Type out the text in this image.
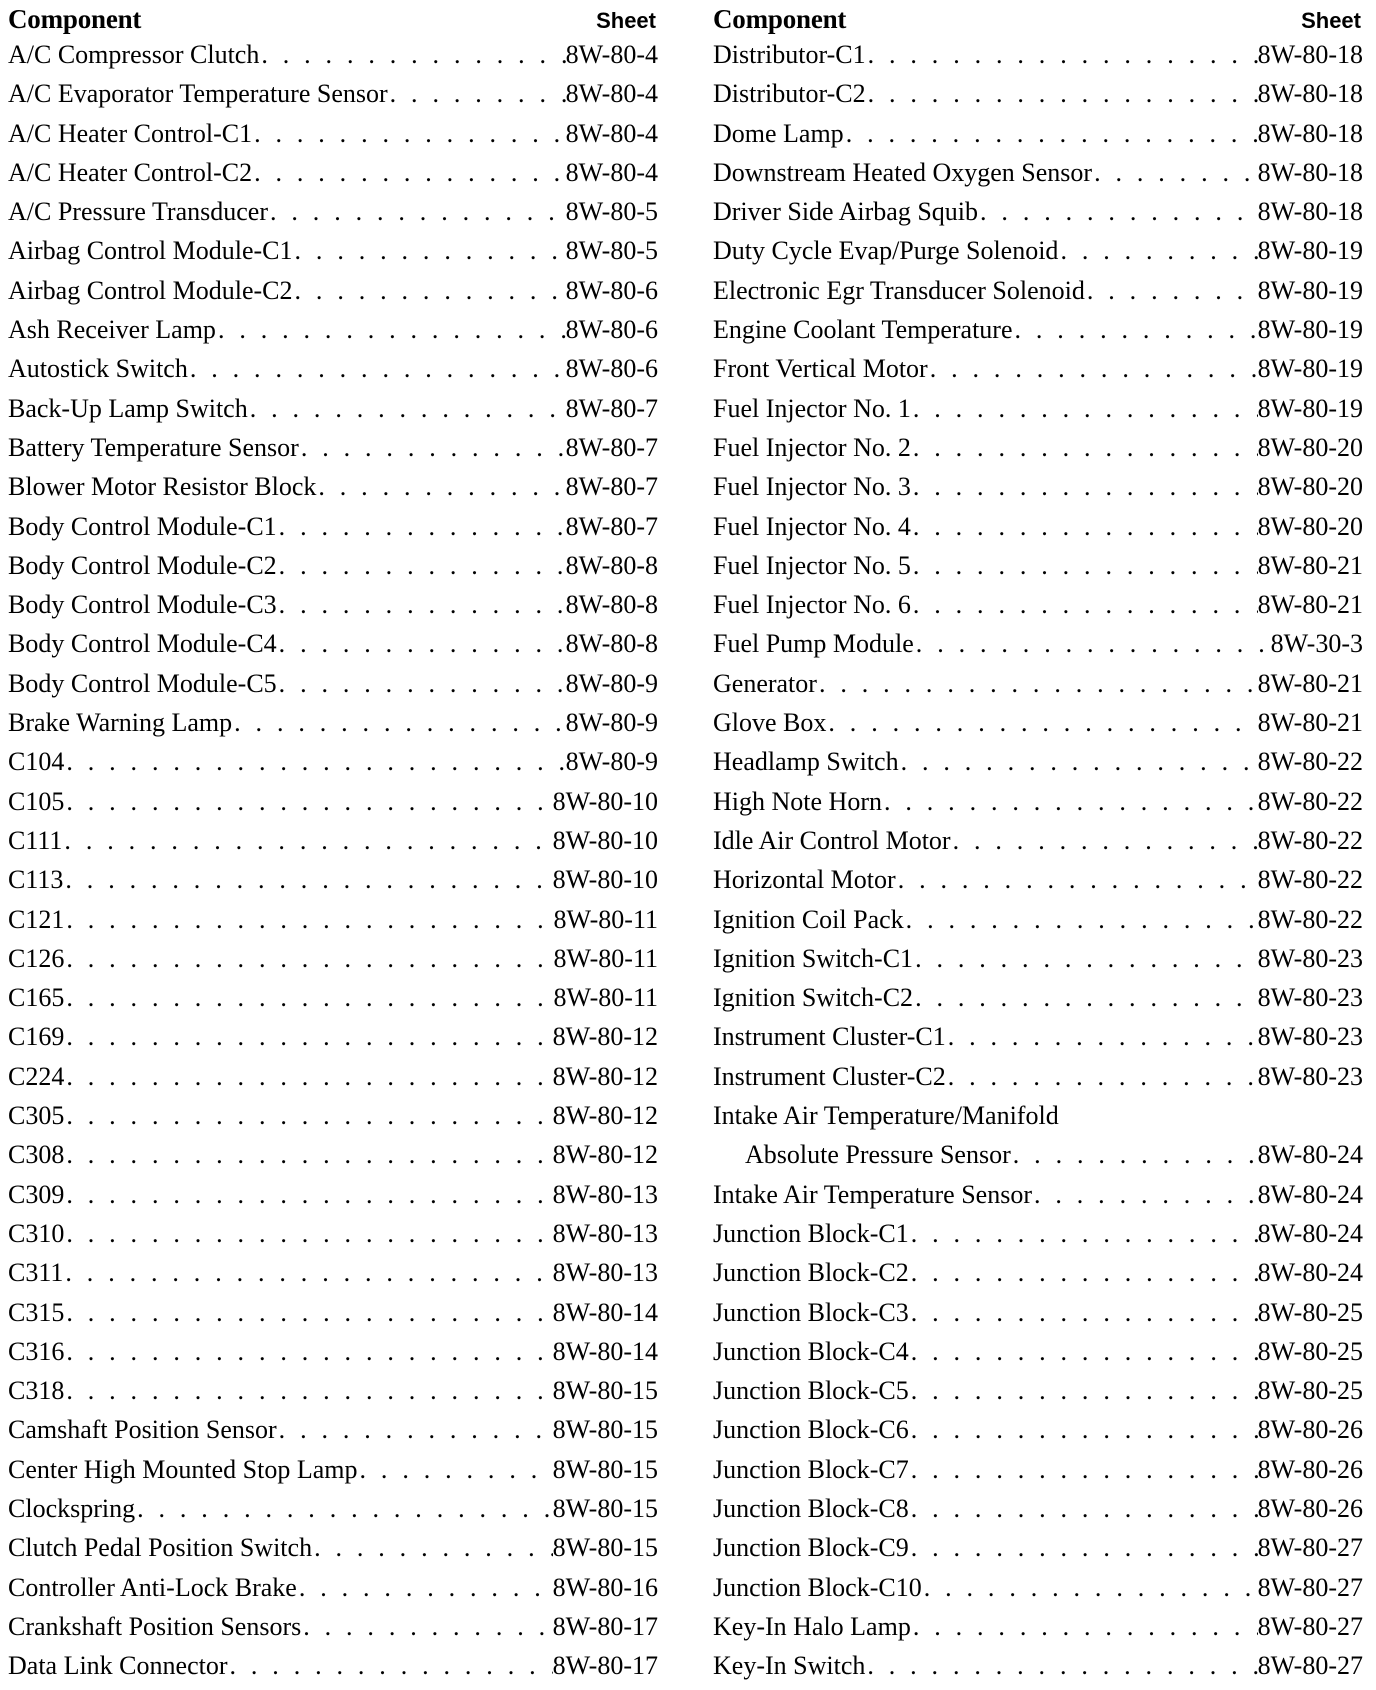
Component	Sheet
A/C Compressor Clutch . . .	8W-80-4
A/C Evaporator Temperature Sensor . . .	8W-80-4
A/C Heater Control-C1 . . .	8W-80-4
A/C Heater Control-C2 . . .	8W-80-4
A/C Pressure Transducer . . .	8W-80-5
Airbag Control Module-C1 . . .	8W-80-5
Airbag Control Module-C2 . . .	8W-80-6
Ash Receiver Lamp . . .	8W-80-6
Autostick Switch . . .	8W-80-6
Back-Up Lamp Switch . . .	8W-80-7
Battery Temperature Sensor . . .	8W-80-7
Blower Motor Resistor Block . . .	8W-80-7
Body Control Module-C1 . . .	8W-80-7
Body Control Module-C2 . . .	8W-80-8
Body Control Module-C3 . . .	8W-80-8
Body Control Module-C4 . . .	8W-80-8
Body Control Module-C5 . . .	8W-80-9
Brake Warning Lamp . . .	8W-80-9
C104 . . .	8W-80-9
C105 . . .	8W-80-10
C111 . . .	8W-80-10
C113 . . .	8W-80-10
C121 . . .	8W-80-11
C126 . . .	8W-80-11
C165 . . .	8W-80-11
C169 . . .	8W-80-12
C224 . . .	8W-80-12
C305 . . .	8W-80-12
C308 . . .	8W-80-12
C309 . . .	8W-80-13
C310 . . .	8W-80-13
C311 . . .	8W-80-13
C315 . . .	8W-80-14
C316 . . .	8W-80-14
C318 . . .	8W-80-15
Camshaft Position Sensor . . .	8W-80-15
Center High Mounted Stop Lamp . . .	8W-80-15
Clockspring . . .	8W-80-15
Clutch Pedal Position Switch . . .	8W-80-15
Controller Anti-Lock Brake . . .	8W-80-16
Crankshaft Position Sensors . . .	8W-80-17
Data Link Connector . . .	8W-80-17
Component	Sheet
Distributor-C1 . . .	8W-80-18
Distributor-C2 . . .	8W-80-18
Dome Lamp . . .	8W-80-18
Downstream Heated Oxygen Sensor . . .	8W-80-18
Driver Side Airbag Squib . . .	8W-80-18
Duty Cycle Evap/Purge Solenoid . . .	8W-80-19
Electronic Egr Transducer Solenoid . . .	8W-80-19
Engine Coolant Temperature . . .	8W-80-19
Front Vertical Motor . . .	8W-80-19
Fuel Injector No. 1 . . .	8W-80-19
Fuel Injector No. 2 . . .	8W-80-20
Fuel Injector No. 3 . . .	8W-80-20
Fuel Injector No. 4 . . .	8W-80-20
Fuel Injector No. 5 . . .	8W-80-21
Fuel Injector No. 6 . . .	8W-80-21
Fuel Pump Module . . .	8W-30-3
Generator . . .	8W-80-21
Glove Box . . .	8W-80-21
Headlamp Switch . . .	8W-80-22
High Note Horn . . .	8W-80-22
Idle Air Control Motor . . .	8W-80-22
Horizontal Motor . . .	8W-80-22
Ignition Coil Pack . . .	8W-80-22
Ignition Switch-C1 . . .	8W-80-23
Ignition Switch-C2 . . .	8W-80-23
Instrument Cluster-C1 . . .	8W-80-23
Instrument Cluster-C2 . . .	8W-80-23
Intake Air Temperature/Manifold
Absolute Pressure Sensor . . .	8W-80-24
Intake Air Temperature Sensor . . .	8W-80-24
Junction Block-C1 . . .	8W-80-24
Junction Block-C2 . . .	8W-80-24
Junction Block-C3 . . .	8W-80-25
Junction Block-C4 . . .	8W-80-25
Junction Block-C5 . . .	8W-80-25
Junction Block-C6 . . .	8W-80-26
Junction Block-C7 . . .	8W-80-26
Junction Block-C8 . . .	8W-80-26
Junction Block-C9 . . .	8W-80-27
Junction Block-C10 . . .	8W-80-27
Key-In Halo Lamp . . .	8W-80-27
Key-In Switch . . .	8W-80-27
